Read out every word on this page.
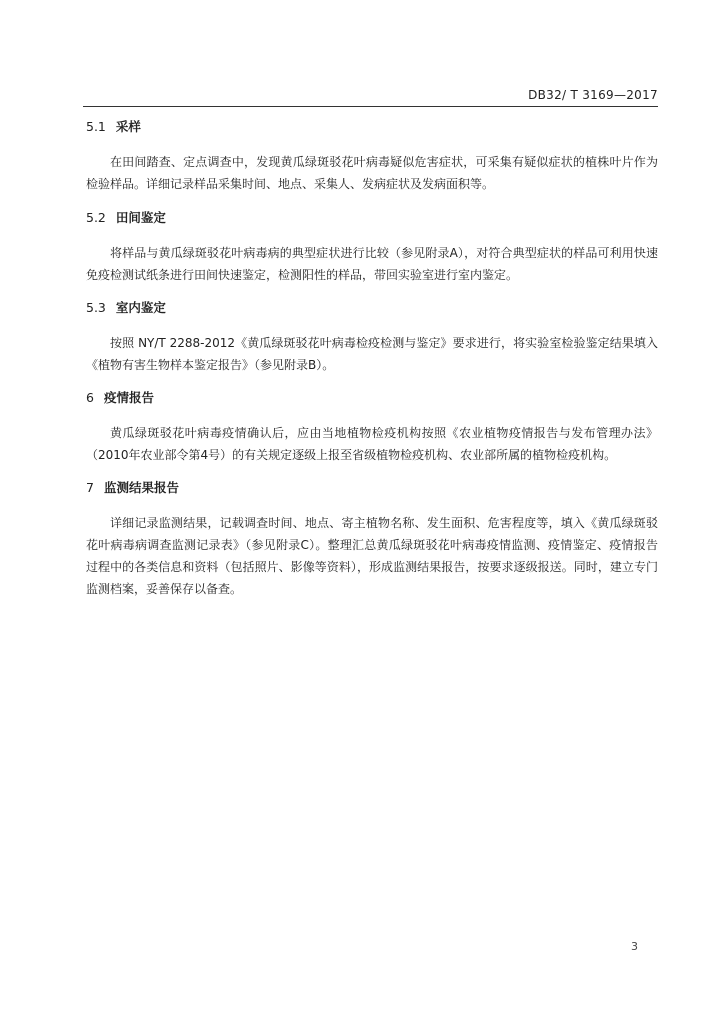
DB32/ T 3169—2017
5.1 采样

在田间踏查、定点调查中，发现黄瓜绿斑驳花叶病毒疑似危害症状，可采集有疑似症状的植株叶片作为检验样品。详细记录样品采集时间、地点、采集人、发病症状及发病面积等。

5.2 田间鉴定

将样品与黄瓜绿斑驳花叶病毒病的典型症状进行比较（参见附录A），对符合典型症状的样品可利用快速免疫检测试纸条进行田间快速鉴定，检测阳性的样品，带回实验室进行室内鉴定。

5.3 室内鉴定

按照 NY/T 2288-2012《黄瓜绿斑驳花叶病毒检疫检测与鉴定》要求进行，将实验室检验鉴定结果填入《植物有害生物样本鉴定报告》（参见附录B）。

6 疫情报告

黄瓜绿斑驳花叶病毒疫情确认后，应由当地植物检疫机构按照《农业植物疫情报告与发布管理办法》（2010年农业部令第4号）的有关规定逐级上报至省级植物检疫机构、农业部所属的植物检疫机构。

7 监测结果报告

详细记录监测结果，记载调查时间、地点、寄主植物名称、发生面积、危害程度等，填入《黄瓜绿斑驳花叶病毒病调查监测记录表》（参见附录C）。整理汇总黄瓜绿斑驳花叶病毒疫情监测、疫情鉴定、疫情报告过程中的各类信息和资料（包括照片、影像等资料），形成监测结果报告，按要求逐级报送。同时，建立专门监测档案，妥善保存以备查。

3
